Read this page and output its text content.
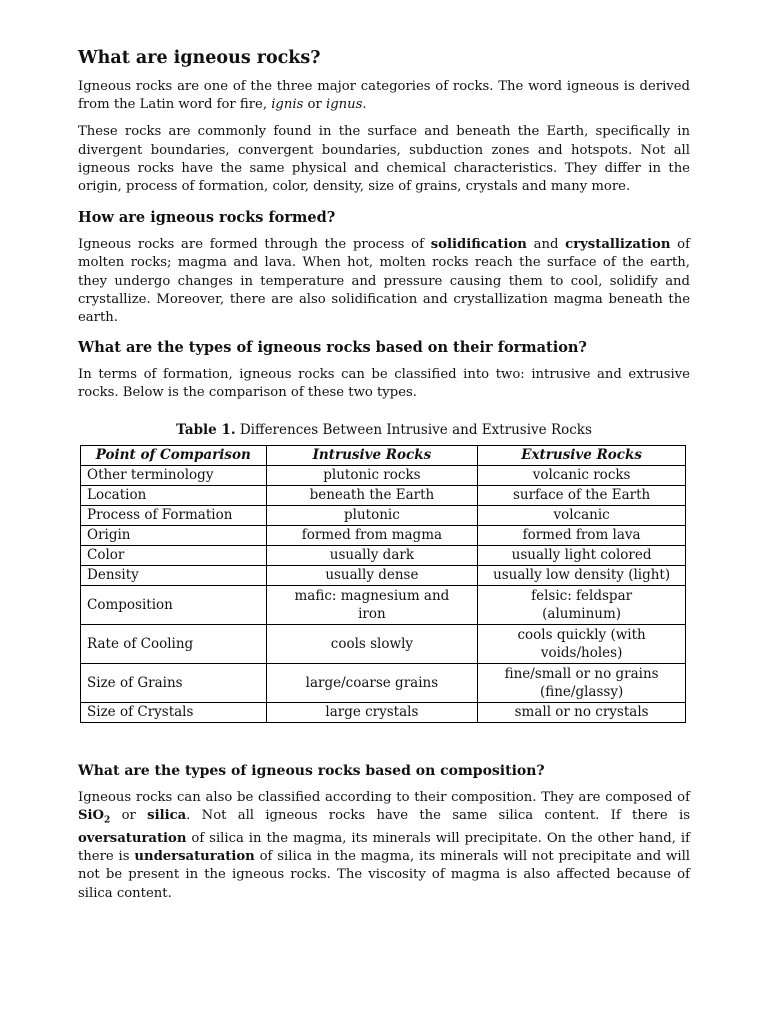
What are igneous rocks?

Igneous rocks are one of the three major categories of rocks. The word igneous is derived from the Latin word for fire, ignis or ignus.

These rocks are commonly found in the surface and beneath the Earth, specifically in divergent boundaries, convergent boundaries, subduction zones and hotspots. Not all igneous rocks have the same physical and chemical characteristics. They differ in the origin, process of formation, color, density, size of grains, crystals and many more.

How are igneous rocks formed?

Igneous rocks are formed through the process of solidification and crystallization of molten rocks; magma and lava. When hot, molten rocks reach the surface of the earth, they undergo changes in temperature and pressure causing them to cool, solidify and crystallize. Moreover, there are also solidification and crystallization magma beneath the earth.

What are the types of igneous rocks based on their formation?

In terms of formation, igneous rocks can be classified into two: intrusive and extrusive rocks. Below is the comparison of these two types.

Table 1. Differences Between Intrusive and Extrusive Rocks

Point of Comparison	Intrusive Rocks	Extrusive Rocks
Other terminology	plutonic rocks	volcanic rocks
Location	beneath the Earth	surface of the Earth
Process of Formation	plutonic	volcanic
Origin	formed from magma	formed from lava
Color	usually dark	usually light colored
Density	usually dense	usually low density (light)
Composition	mafic: magnesium and iron	felsic: feldspar (aluminum)
Rate of Cooling	cools slowly	cools quickly (with voids/holes)
Size of Grains	large/coarse grains	fine/small or no grains (fine/glassy)
Size of Crystals	large crystals	small or no crystals
What are the types of igneous rocks based on composition?

Igneous rocks can also be classified according to their composition. They are composed of SiO$_2$ or silica. Not all igneous rocks have the same silica content. If there is oversaturation of silica in the magma, its minerals will precipitate. On the other hand, if there is undersaturation of silica in the magma, its minerals will not precipitate and will not be present in the igneous rocks. The viscosity of magma is also affected because of silica content.
